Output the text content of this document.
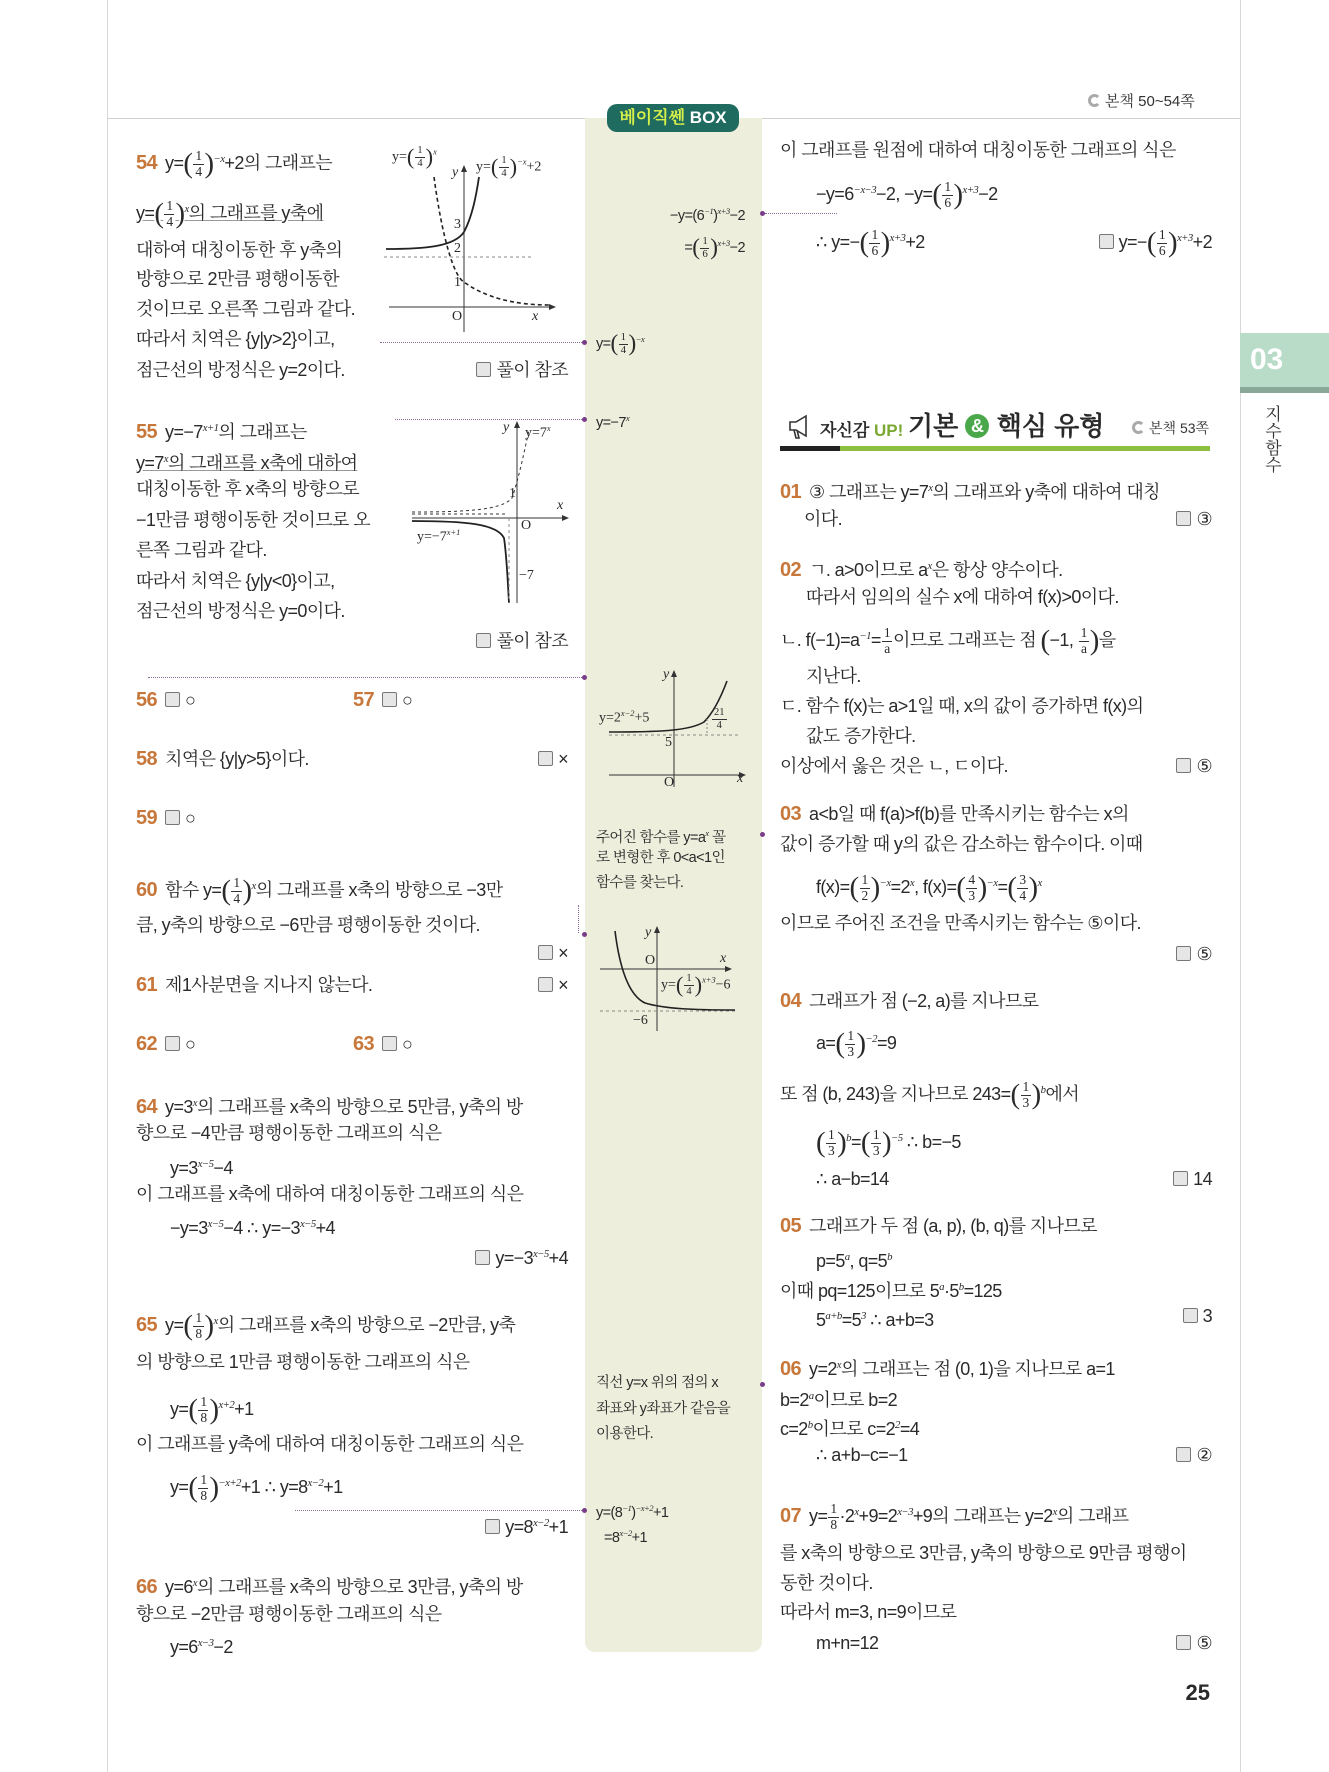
본책 50~54쪽
베이직쎈 BOX
03
지수함수
25
자신감 UP! 기본 & 핵심 유형	본책 53쪽
54 $y=( \frac{1}{4} )^{-x}+2$의 그래프는
$y=( \frac{1}{4} )^x$의 그래프를 y축에
대하여 대칭이동한 후 y축의
방향으로 2만큼 평행이동한
것이므로 오른쪽 그림과 같다.
따라서 치역은 {y|y>2}이고,
점근선의 방정식은 y=2이다.	풀이 참조
$y=( \frac{1}{4} )^x$
$y=( \frac{1}{4} )^{-x}+2$
y
x
O
1
2
3
55 $y=-7^{x+1}$의 그래프는
$y=7^x$의 그래프를 x축에 대하여
대칭이동한 후 x축의 방향으로
−1만큼 평행이동한 것이므로 오
른쪽 그림과 같다.
따라서 치역은 {y|y<0}이고,
점근선의 방정식은 y=0이다.
풀이 참조
$y=7^x$
$y=-7^{x+1}$
y
x
O
1
−7
56 ○	57 ○
58 치역은 {y|y>5}이다.	×
59 ○
60 함수 $y=( \frac{1}{4} )^x$의 그래프를 x축의 방향으로 −3만
큼, y축의 방향으로 −6만큼 평행이동한 것이다.
×
61 제1사분면을 지나지 않는다.	×
62 ○	63 ○
64 $y=3^x$의 그래프를 x축의 방향으로 5만큼, y축의 방
향으로 −4만큼 평행이동한 그래프의 식은
$y=3^{x-5}-4$
이 그래프를 x축에 대하여 대칭이동한 그래프의 식은
$-y=3^{x-5}-4$ ∴ $y=-3^{x-5}+4$
$y=-3^{x-5}+4$
65 $y=( \frac{1}{8} )^x$의 그래프를 x축의 방향으로 −2만큼, y축
의 방향으로 1만큼 평행이동한 그래프의 식은
$y=( \frac{1}{8} )^{x+2}+1$
이 그래프를 y축에 대하여 대칭이동한 그래프의 식은
$y=( \frac{1}{8} )^{-x+2}+1$ ∴ $y=8^{x-2}+1$
$y=8^{x-2}+1$
66 $y=6^x$의 그래프를 x축의 방향으로 3만큼, y축의 방
향으로 −2만큼 평행이동한 그래프의 식은
$y=6^{x-3}-2$
$-y=(6^{-1})^{x+3}-2$
=( $\frac{1}{6} )^{x+3}-2$
$y=( \frac{1}{4} )^{-x}$
$y=-7^x$
$y=2^{x-2}+5$	$\frac{21}{4}$
5
y
x
O
주어진 함수를 $y=a^x$ 꼴
로 변형한 후 0<a<1인
함수를 찾는다.
$y=( \frac{1}{4} )^{x+3}-6$
−6
y
x
O
직선 y=x 위의 점의 x
좌표와 y좌표가 같음을
이용한다.
$y=(8^{-1})^{-x+2}+1$
$=8^{x-2}+1$
이 그래프를 원점에 대하여 대칭이동한 그래프의 식은
$-y=6^{-x-3}-2$, $-y=( \frac{1}{6} )^{x+3}-2$
∴ $y=-( \frac{1}{6} )^{x+3}+2$	$y=-( \frac{1}{6} )^{x+3}+2$
01 ③ 그래프는 $y=7^x$의 그래프와 y축에 대하여 대칭
이다.	③
02 ㄱ. a>0이므로 $a^x$은 항상 양수이다.
따라서 임의의 실수 x에 대하여 f(x)>0이다.
ㄴ. $f(-1)=a^{-1}= \frac{1}{a}$ 이므로 그래프는 점 (−1, $\frac{1}{a}$ )을
지난다.
ㄷ. 함수 f(x)는 a>1일 때, x의 값이 증가하면 f(x)의
값도 증가한다.
이상에서 옳은 것은 ㄴ, ㄷ이다.	⑤
03 a<b일 때 f(a)>f(b)를 만족시키는 함수는 x의
값이 증가할 때 y의 값은 감소하는 함수이다. 이때
$f(x)=( \frac{1}{2} )^{-x}=2^x$, $f(x)=( \frac{4}{3} )^{-x}=( \frac{3}{4} )^x$
이므로 주어진 조건을 만족시키는 함수는 ⑤이다.
⑤
04 그래프가 점 (−2, a)를 지나므로
$a=( \frac{1}{3} )^{-2}=9$
또 점 (b, 243)을 지나므로 $243=( \frac{1}{3} )^b$에서
( $\frac{1}{3} )^b=( \frac{1}{3} )^{-5}$ ∴ b=−5
∴ a−b=14	14
05 그래프가 두 점 (a, p), (b, q)를 지나므로
$p=5^a$, $q=5^b$
이때 pq=125이므로 $5^a\cdot 5^b=125$
$5^{a+b}=5^3$ ∴ a+b=3	3
06 $y=2^x$의 그래프는 점 (0, 1)을 지나므로 a=1
$b=2^a$이므로 b=2
$c=2^b$이므로 $c=2^2=4$
∴ a+b−c=−1	②
07 $y= \frac{1}{8} \cdot 2^x+9=2^{x-3}+9$의 그래프는 $y=2^x$의 그래프
를 x축의 방향으로 3만큼, y축의 방향으로 9만큼 평행이
동한 것이다.
따라서 m=3, n=9이므로
m+n=12	⑤
